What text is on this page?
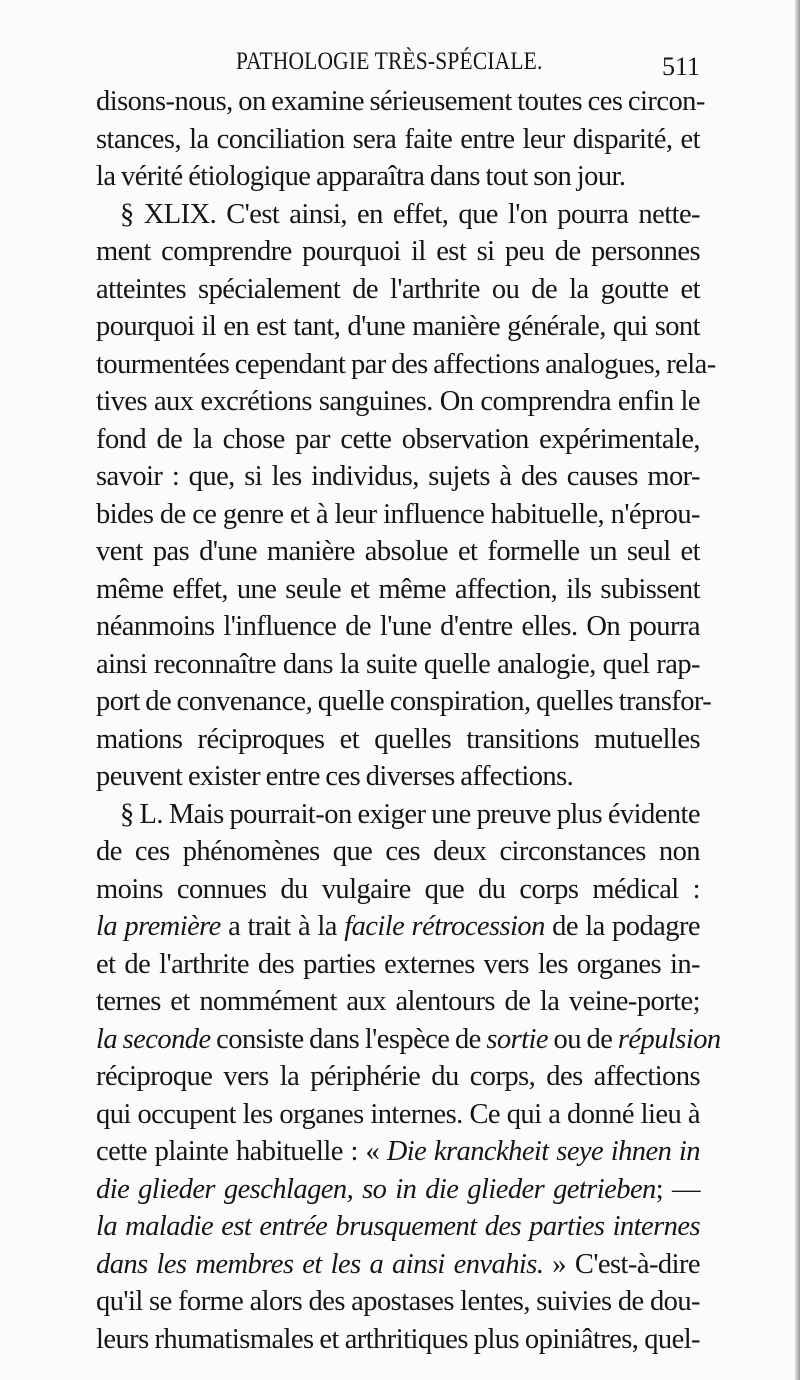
PATHOLOGIE TRÈS-SPÉCIALE.	511
disons-nous, on examine sérieusement toutes ces circon-
stances, la conciliation sera faite entre leur disparité, et
la vérité étiologique apparaîtra dans tout son jour.
§ XLIX. C'est ainsi, en effet, que l'on pourra nette-
ment comprendre pourquoi il est si peu de personnes
atteintes spécialement de l'arthrite ou de la goutte et
pourquoi il en est tant, d'une manière générale, qui sont
tourmentées cependant par des affections analogues, rela-
tives aux excrétions sanguines. On comprendra enfin le
fond de la chose par cette observation expérimentale,
savoir : que, si les individus, sujets à des causes mor-
bides de ce genre et à leur influence habituelle, n'éprou-
vent pas d'une manière absolue et formelle un seul et
même effet, une seule et même affection, ils subissent
néanmoins l'influence de l'une d'entre elles. On pourra
ainsi reconnaître dans la suite quelle analogie, quel rap-
port de convenance, quelle conspiration, quelles transfor-
mations réciproques et quelles transitions mutuelles
peuvent exister entre ces diverses affections.
§ L. Mais pourrait-on exiger une preuve plus évidente
de ces phénomènes que ces deux circonstances non
moins connues du vulgaire que du corps médical :
la première a trait à la facile rétrocession de la podagre
et de l'arthrite des parties externes vers les organes in-
ternes et nommément aux alentours de la veine-porte;
la seconde consiste dans l'espèce de sortie ou de répulsion
réciproque vers la périphérie du corps, des affections
qui occupent les organes internes. Ce qui a donné lieu à
cette plainte habituelle : « Die kranckheit seye ihnen in
die glieder geschlagen, so in die glieder getrieben; —
la maladie est entrée brusquement des parties internes
dans les membres et les a ainsi envahis. » C'est-à-dire
qu'il se forme alors des apostases lentes, suivies de dou-
leurs rhumatismales et arthritiques plus opiniâtres, quel-
